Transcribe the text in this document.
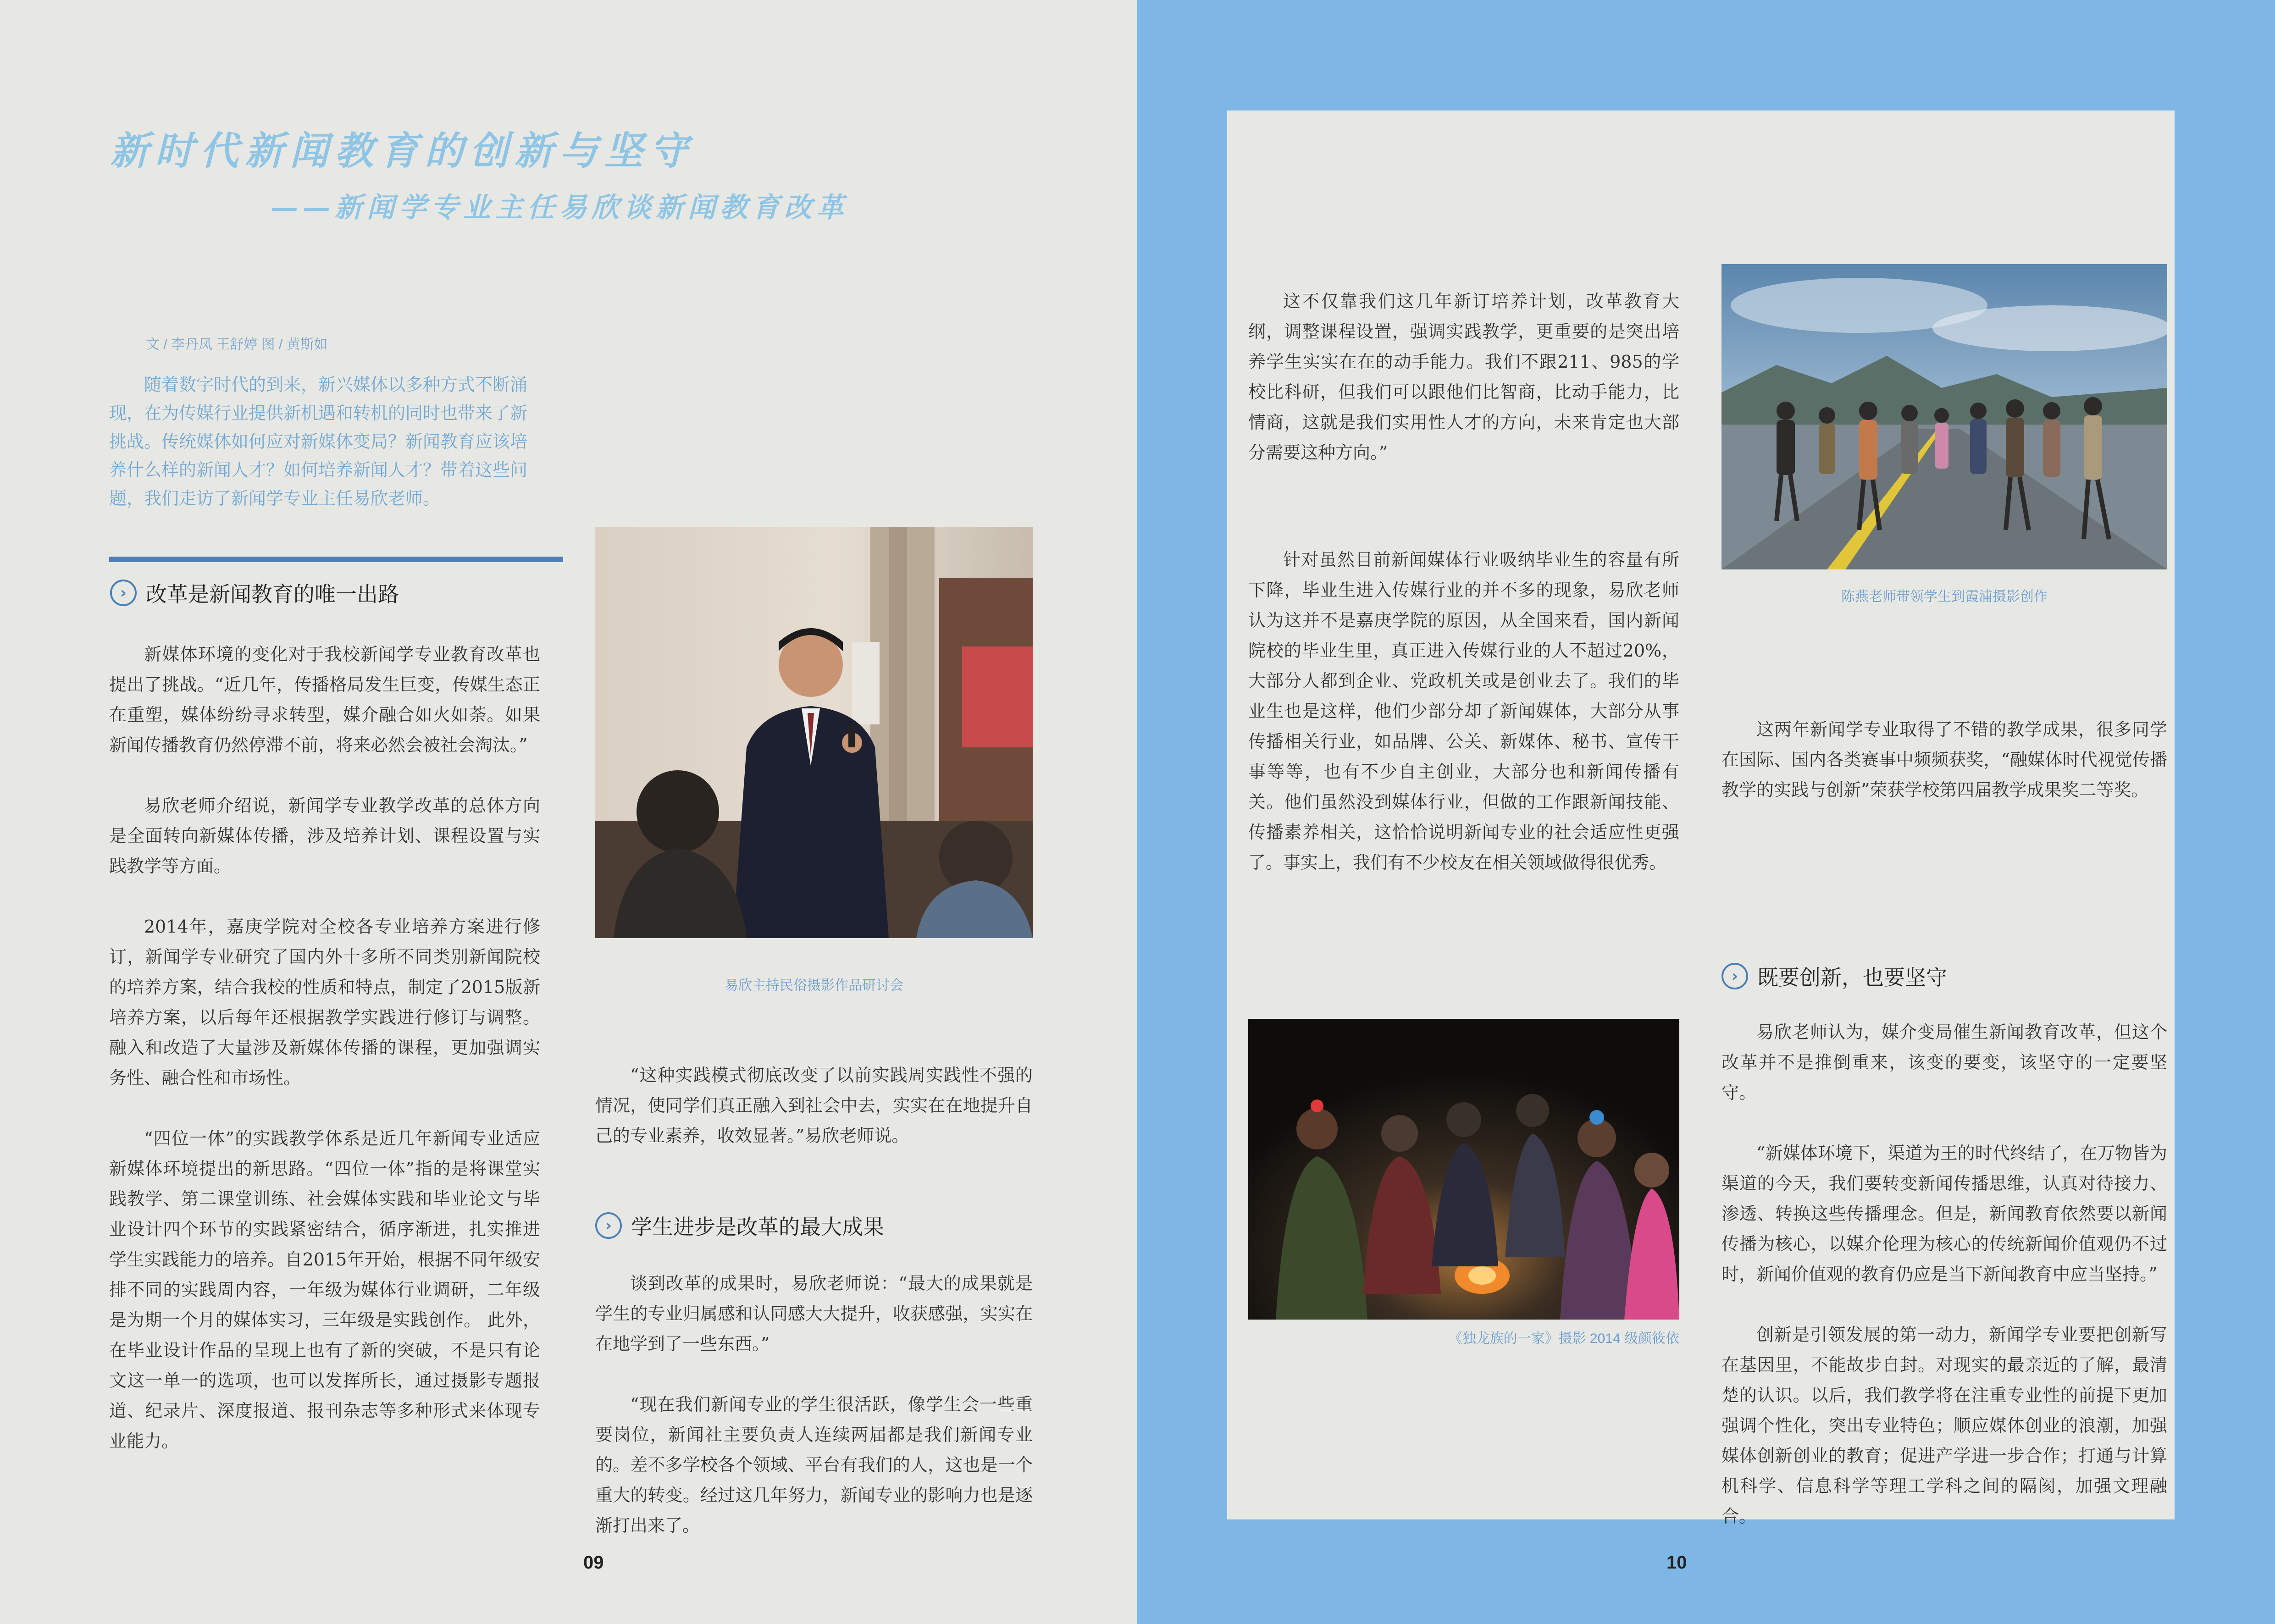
新时代新闻教育的创新与坚守
——新闻学专业主任易欣谈新闻教育改革
文 / 李丹凤 王舒婷 图 / 黄斯如

随着数字时代的到来，新兴媒体以多种方式不断涌现，在为传媒行业提供新机遇和转机的同时也带来了新挑战。传统媒体如何应对新媒体变局？新闻教育应该培养什么样的新闻人才？如何培养新闻人才？带着这些问题，我们走访了新闻学专业主任易欣老师。

› 改革是新闻教育的唯一出路

新媒体环境的变化对于我校新闻学专业教育改革也提出了挑战。“近几年，传播格局发生巨变，传媒生态正在重塑，媒体纷纷寻求转型，媒介融合如火如荼。如果新闻传播教育仍然停滞不前，将来必然会被社会淘汰。”

易欣老师介绍说，新闻学专业教学改革的总体方向是全面转向新媒体传播，涉及培养计划、课程设置与实践教学等方面。

2014年，嘉庚学院对全校各专业培养方案进行修订，新闻学专业研究了国内外十多所不同类别新闻院校的培养方案，结合我校的性质和特点，制定了2015版新培养方案，以后每年还根据教学实践进行修订与调整。融入和改造了大量涉及新媒体传播的课程，更加强调实务性、融合性和市场性。

“四位一体”的实践教学体系是近几年新闻专业适应新媒体环境提出的新思路。“四位一体”指的是将课堂实践教学、第二课堂训练、社会媒体实践和毕业论文与毕业设计四个环节的实践紧密结合，循序渐进，扎实推进学生实践能力的培养。自2015年开始，根据不同年级安排不同的实践周内容，一年级为媒体行业调研，二年级是为期一个月的媒体实习，三年级是实践创作。 此外，在毕业设计作品的呈现上也有了新的突破，不是只有论文这一单一的选项，也可以发挥所长，通过摄影专题报道、纪录片、深度报道、报刊杂志等多种形式来体现专业能力。

易欣主持民俗摄影作品研讨会

“这种实践模式彻底改变了以前实践周实践性不强的情况，使同学们真正融入到社会中去，实实在在地提升自己的专业素养，收效显著。”易欣老师说。

› 学生进步是改革的最大成果

谈到改革的成果时，易欣老师说：“最大的成果就是学生的专业归属感和认同感大大提升，收获感强，实实在在地学到了一些东西。”

“现在我们新闻专业的学生很活跃，像学生会一些重要岗位，新闻社主要负责人连续两届都是我们新闻专业的。差不多学校各个领域、平台有我们的人，这也是一个重大的转变。经过这几年努力，新闻专业的影响力也是逐渐打出来了。

09

这不仅靠我们这几年新订培养计划，改革教育大纲，调整课程设置，强调实践教学，更重要的是突出培养学生实实在在的动手能力。我们不跟211、985的学校比科研，但我们可以跟他们比智商，比动手能力，比情商，这就是我们实用性人才的方向，未来肯定也大部分需要这种方向。”

针对虽然目前新闻媒体行业吸纳毕业生的容量有所下降，毕业生进入传媒行业的并不多的现象，易欣老师认为这并不是嘉庚学院的原因，从全国来看，国内新闻院校的毕业生里，真正进入传媒行业的人不超过20%，大部分人都到企业、党政机关或是创业去了。我们的毕业生也是这样，他们少部分却了新闻媒体，大部分从事传播相关行业，如品牌、公关、新媒体、秘书、宣传干事等等，也有不少自主创业，大部分也和新闻传播有关。他们虽然没到媒体行业，但做的工作跟新闻技能、传播素养相关，这恰恰说明新闻专业的社会适应性更强了。事实上，我们有不少校友在相关领域做得很优秀。

陈燕老师带领学生到霞浦摄影创作

这两年新闻学专业取得了不错的教学成果，很多同学在国际、国内各类赛事中频频获奖，“融媒体时代视觉传播教学的实践与创新”荣获学校第四届教学成果奖二等奖。

› 既要创新，也要坚守

易欣老师认为，媒介变局催生新闻教育改革，但这个改革并不是推倒重来，该变的要变，该坚守的一定要坚守。

“新媒体环境下，渠道为王的时代终结了，在万物皆为渠道的今天，我们要转变新闻传播思维，认真对待接力、渗透、转换这些传播理念。但是，新闻教育依然要以新闻传播为核心，以媒介伦理为核心的传统新闻价值观仍不过时，新闻价值观的教育仍应是当下新闻教育中应当坚持。”

创新是引领发展的第一动力，新闻学专业要把创新写在基因里，不能故步自封。对现实的最亲近的了解，最清楚的认识。以后，我们教学将在注重专业性的前提下更加强调个性化，突出专业特色；顺应媒体创业的浪潮，加强媒体创新创业的教育；促进产学进一步合作；打通与计算机科学、信息科学等理工学科之间的隔阂，加强文理融合。

《独龙族的一家》摄影 2014 级颜筱依
10
